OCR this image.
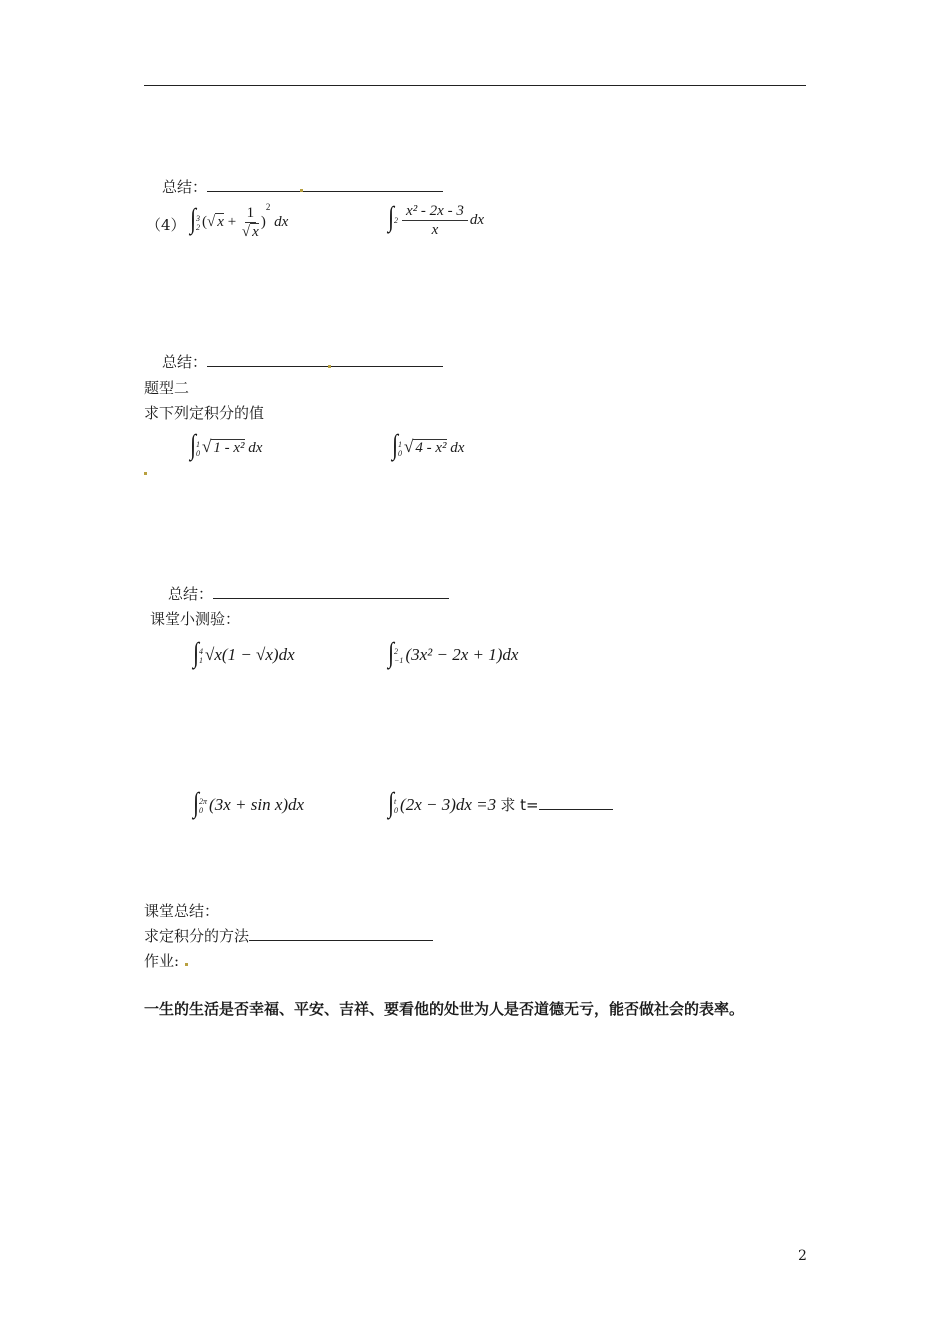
总结：
（4） ∫3
2 (√ $x + \frac{1}{√ x} )^2$ dx	$\int 2 \frac{\text{x² - 2x - 3}}{x}$ dx
总结：
题型二
求下列定积分的值
∫1
0 √ 1 - x² dx	∫1
0 √ 4 - x² dx
总结：
课堂小测验：
∫4
1 √x(1 − √x)dx	∫2
−1 (3x² − 2x + 1)dx
∫2π
0 (3x + sin x)dx	∫t
0 (2x − 3)dx =3 求 t=
课堂总结：
求定积分的方法
作业:
一生的生活是否幸福、平安、吉祥、要看他的处世为人是否道德无亏，能否做社会的表率。
2
